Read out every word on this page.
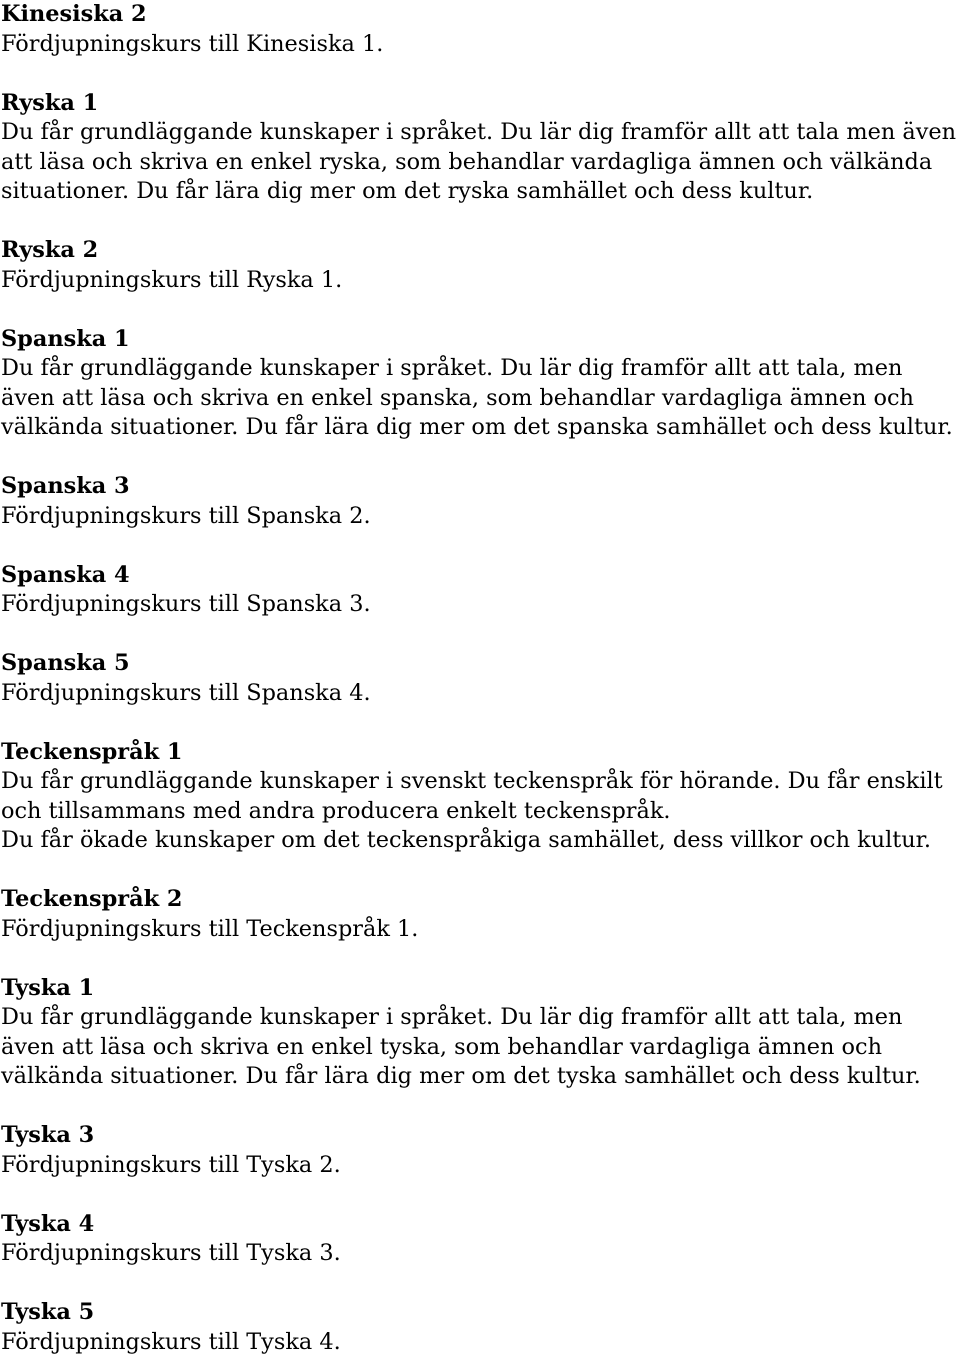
Kinesiska 2

Fördjupningskurs till Kinesiska 1.

Ryska 1

Du får grundläggande kunskaper i språket. Du lär dig framför allt att tala men även att läsa och skriva en enkel ryska, som behandlar vardagliga ämnen och välkända situationer. Du får lära dig mer om det ryska samhället och dess kultur.

Ryska 2

Fördjupningskurs till Ryska 1.

Spanska 1

Du får grundläggande kunskaper i språket. Du lär dig framför allt att tala, men även att läsa och skriva en enkel spanska, som behandlar vardagliga ämnen och välkända situationer. Du får lära dig mer om det spanska samhället och dess kultur.

Spanska 3

Fördjupningskurs till Spanska 2.

Spanska 4

Fördjupningskurs till Spanska 3.

Spanska 5

Fördjupningskurs till Spanska 4.

Teckenspråk 1

Du får grundläggande kunskaper i svenskt teckenspråk för hörande. Du får enskilt och tillsammans med andra producera enkelt teckenspråk.

Du får ökade kunskaper om det teckenspråkiga samhället, dess villkor och kultur.

Teckenspråk 2

Fördjupningskurs till Teckenspråk 1.

Tyska 1

Du får grundläggande kunskaper i språket. Du lär dig framför allt att tala, men även att läsa och skriva en enkel tyska, som behandlar vardagliga ämnen och välkända situationer. Du får lära dig mer om det tyska samhället och dess kultur.

Tyska 3

Fördjupningskurs till Tyska 2.

Tyska 4

Fördjupningskurs till Tyska 3.

Tyska 5

Fördjupningskurs till Tyska 4.
